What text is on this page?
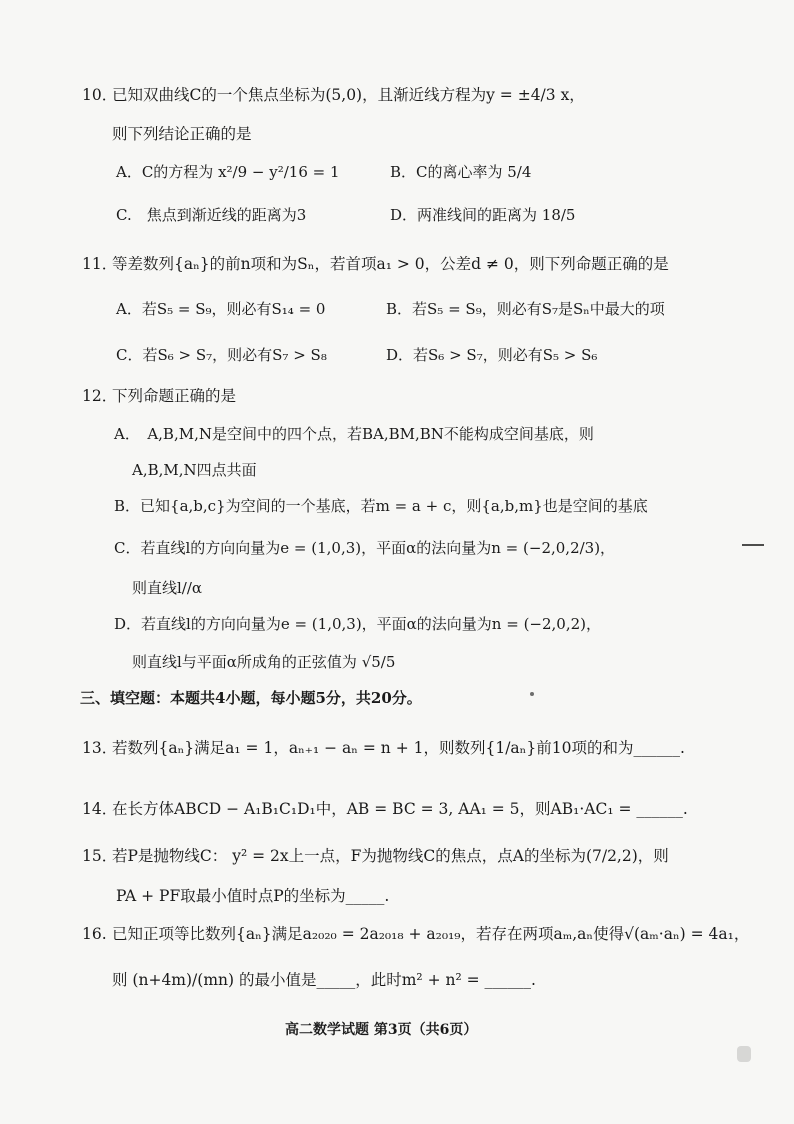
10．
已知双曲线C的一个焦点坐标为(5,0)，且渐近线方程为y = ±4/3 x，
则下列结论正确的是
A．C的方程为 x²/9 − y²/16 = 1	B．C的离心率为 5/4
C.　焦点到渐近线的距离为3	D．两准线间的距离为 18/5
11．
等差数列{aₙ}的前n项和为Sₙ，若首项a₁ > 0，公差d ≠ 0，则下列命题正确的是
A．若S₅ = S₉，则必有S₁₄ = 0	B．若S₅ = S₉，则必有S₇是Sₙ中最大的项
C．若S₆ > S₇，则必有S₇ > S₈	D．若S₆ > S₇，则必有S₅ > S₆
12．
下列命题正确的是
A．　A,B,M,N是空间中的四个点，若BA,BM,BN不能构成空间基底，则
A,B,M,N四点共面
B．已知{a,b,c}为空间的一个基底，若m = a + c，则{a,b,m}也是空间的基底
C．若直线l的方向向量为e = (1,0,3)，平面α的法向量为n = (−2,0,2/3)，
则直线l//α
D．若直线l的方向向量为e = (1,0,3)，平面α的法向量为n = (−2,0,2)，
则直线l与平面α所成角的正弦值为 √5/5
三、填空题：本题共4小题，每小题5分，共20分。
13．
若数列{aₙ}满足a₁ = 1，aₙ₊₁ − aₙ = n + 1，则数列{1/aₙ}前10项的和为______.
14．
在长方体ABCD − A₁B₁C₁D₁中，AB = BC = 3, AA₁ = 5，则AB₁·AC₁ = ______.
15．
若P是抛物线C： y² = 2x上一点，F为抛物线C的焦点，点A的坐标为(7/2,2)，则
PA + PF取最小值时点P的坐标为_____.
16. 已知正项等比数列{aₙ}满足a₂₀₂₀ = 2a₂₀₁₈ + a₂₀₁₉，若存在两项aₘ,aₙ使得√(aₘ·aₙ) = 4a₁，
则 (n+4m)/(mn) 的最小值是_____，此时m² + n² = ______.
高二数学试题 第3页（共6页）
